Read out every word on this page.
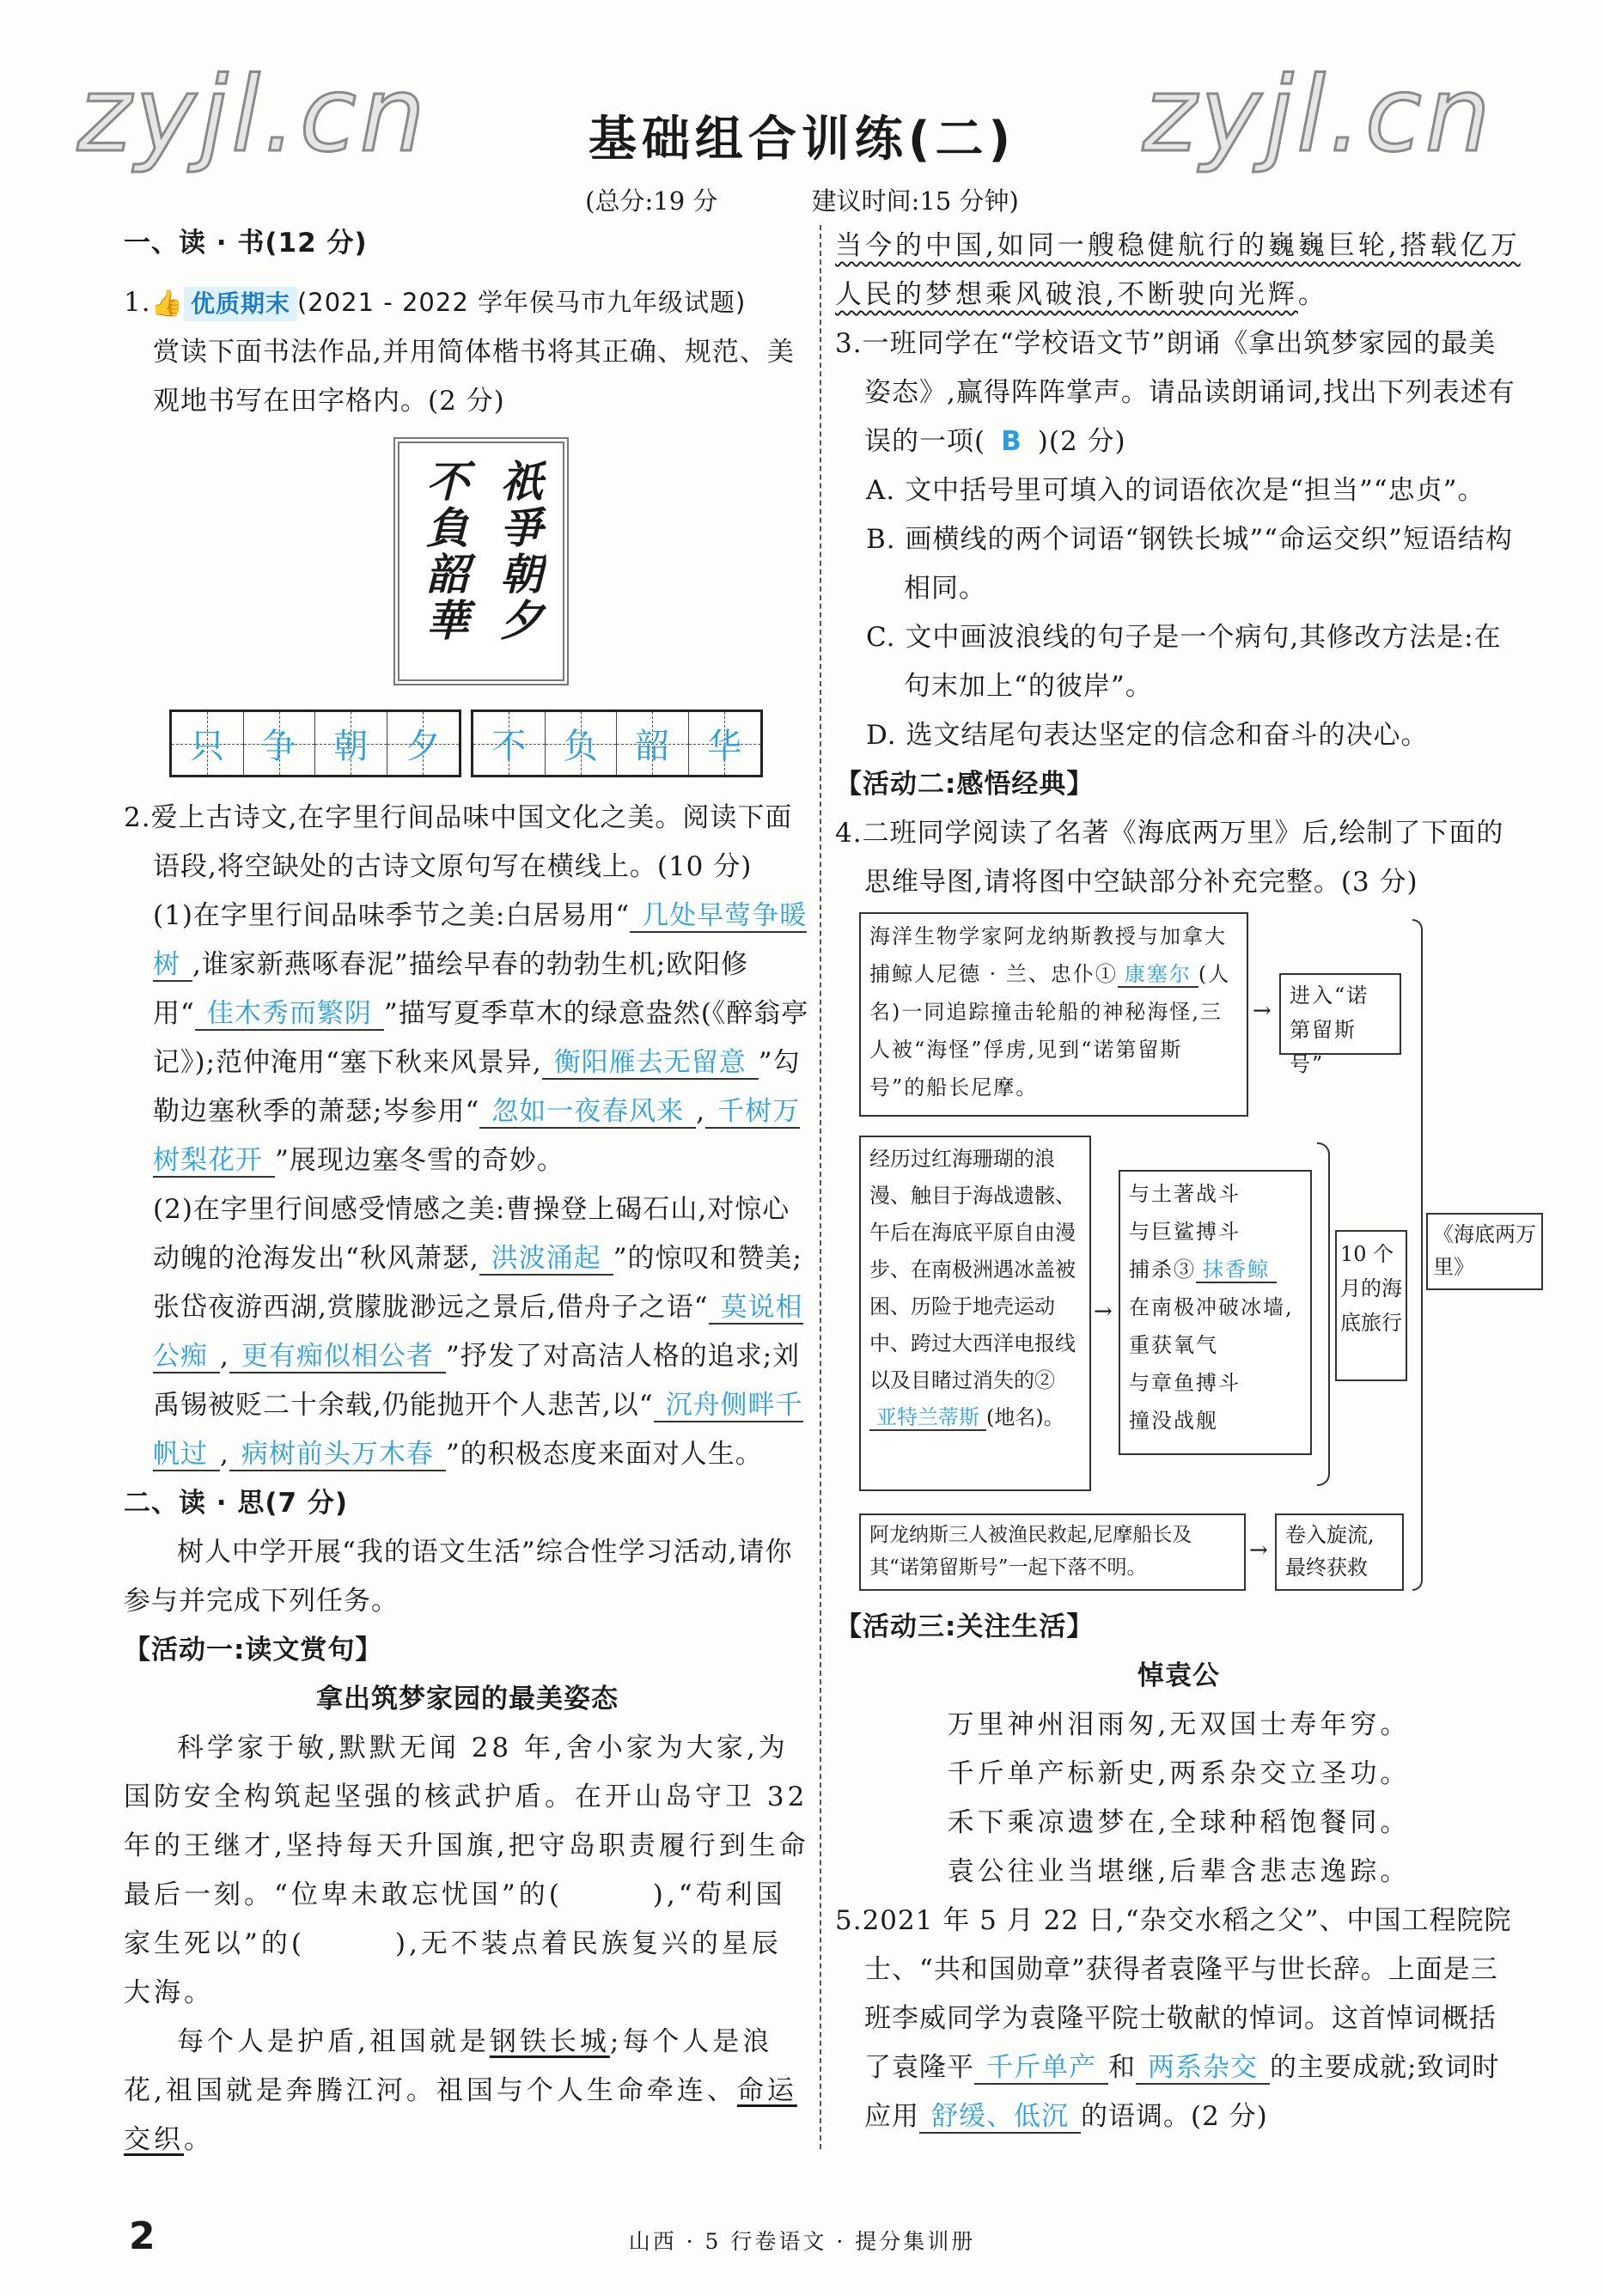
zyjl.cn	zyjl.cn
基础组合训练(二)
(总分:19 分	建议时间:15 分钟)
一、读 · 书(12 分)
1.👍 优质期末 (2021 - 2022 学年侯马市九年级试题)
赏读下面书法作品,并用简体楷书将其正确、规范、美观地书写在田字格内。(2 分)
祇爭朝夕
不負韶華
只 争 朝 夕 不 负 韶 华
2.爱上古诗文,在字里行间品味中国文化之美。阅读下面语段,将空缺处的古诗文原句写在横线上。(10 分)
(1)在字里行间品味季节之美:白居易用“ 几处早莺争暖树 ,谁家新燕啄春泥”描绘早春的勃勃生机;欧阳修用“ 佳木秀而繁阴 ”描写夏季草木的绿意盎然(《醉翁亭记》);范仲淹用“塞下秋来风景异, 衡阳雁去无留意 ”勾勒边塞秋季的萧瑟;岑参用“ 忽如一夜春风来 , 千树万树梨花开 ”展现边塞冬雪的奇妙。
(2)在字里行间感受情感之美:曹操登上碣石山,对惊心动魄的沧海发出“秋风萧瑟, 洪波涌起 ”的惊叹和赞美;张岱夜游西湖,赏朦胧渺远之景后,借舟子之语“ 莫说相公痴 , 更有痴似相公者 ”抒发了对高洁人格的追求;刘禹锡被贬二十余载,仍能抛开个人悲苦,以“ 沉舟侧畔千帆过 , 病树前头万木春 ”的积极态度来面对人生。
二、读 · 思(7 分)
树人中学开展“我的语文生活”综合性学习活动,请你参与并完成下列任务。
【活动一:读文赏句】
拿出筑梦家园的最美姿态
科学家于敏,默默无闻 28 年,舍小家为大家,为国防安全构筑起坚强的核武护盾。在开山岛守卫 32 年的王继才,坚持每天升国旗,把守岛职责履行到生命最后一刻。“位卑未敢忘忧国”的(　　　),“苟利国家生死以”的(　　　),无不装点着民族复兴的星辰大海。
每个人是护盾,祖国就是钢铁长城;每个人是浪花,祖国就是奔腾江河。祖国与个人生命牵连、命运交织。
当今的中国,如同一艘稳健航行的巍巍巨轮,搭载亿万人民的梦想乘风破浪,不断驶向光辉。
3.一班同学在“学校语文节”朗诵《拿出筑梦家园的最美姿态》,赢得阵阵掌声。请品读朗诵词,找出下列表述有误的一项( B )(2 分)
A. 文中括号里可填入的词语依次是“担当”“忠贞”。
B. 画横线的两个词语“钢铁长城”“命运交织”短语结构相同。
C. 文中画波浪线的句子是一个病句,其修改方法是:在句末加上“的彼岸”。
D. 选文结尾句表达坚定的信念和奋斗的决心。
【活动二:感悟经典】
4.二班同学阅读了名著《海底两万里》后,绘制了下面的思维导图,请将图中空缺部分补充完整。(3 分)
海洋生物学家阿龙纳斯教授与加拿大捕鲸人尼德 · 兰、忠仆① 康塞尔 (人名)一同追踪撞击轮船的神秘海怪,三人被“海怪”俘虏,见到“诺第留斯号”的船长尼摩。
→
进入“诺第留斯号”
经历过红海珊瑚的浪漫、触目于海战遗骸、午后在海底平原自由漫步、在南极洲遇冰盖被困、历险于地壳运动中、跨过大西洋电报线以及目睹过消失的②亚特兰蒂斯 (地名)。
→
与土著战斗
与巨鲨搏斗
捕杀③ 抹香鲸
在南极冲破冰墙,
重获氧气
与章鱼搏斗
撞没战舰
10 个月的海底旅行
阿龙纳斯三人被渔民救起,尼摩船长及其“诺第留斯号”一起下落不明。
→
卷入旋流,最终获救
《海底两万里》
【活动三:关注生活】
悼袁公
万里神州泪雨匆,无双国士寿年穷。
千斤单产标新史,两系杂交立圣功。
禾下乘凉遗梦在,全球种稻饱餐同。
袁公往业当堪继,后辈含悲志逸踪。
5.2021 年 5 月 22 日,“杂交水稻之父”、中国工程院院士、“共和国勋章”获得者袁隆平与世长辞。上面是三班李威同学为袁隆平院士敬献的悼词。这首悼词概括了袁隆平 千斤单产 和 两系杂交 的主要成就;致词时应用 舒缓、低沉 的语调。(2 分)
2	山西 · 5 行卷语文 · 提分集训册
